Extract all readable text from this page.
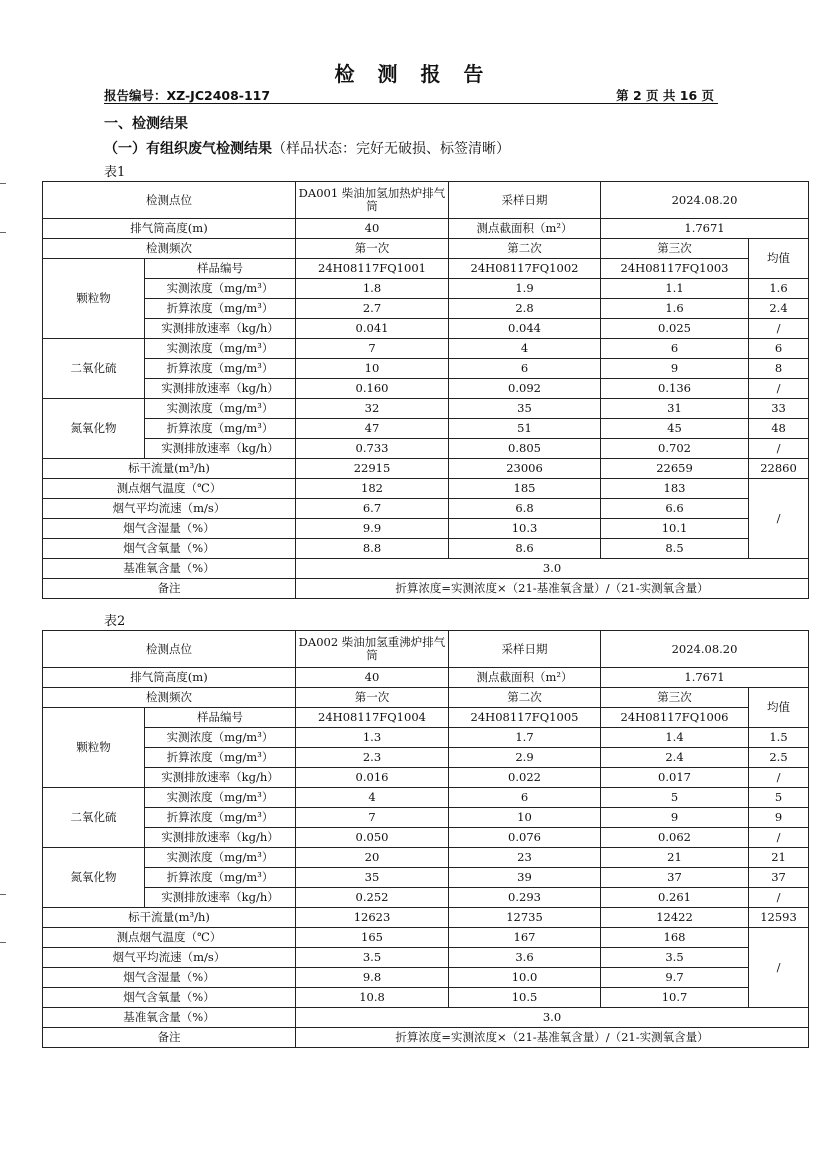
检 测 报 告
报告编号：XZ-JC2408-117	第 2 页 共 16 页
一、检测结果
（一）有组织废气检测结果（样品状态：完好无破损、标签清晰）
表1
检测点位		DA001 柴油加氢加热炉排气筒	采样日期	2024.08.20	
排气筒高度(m)		40	测点截面积（m²）	1.7671	
检测频次		第一次	第二次	第三次	均值
颗粒物	样品编号	24H08117FQ1001	24H08117FQ1002	24H08117FQ1003	
	实测浓度（mg/m³）	1.8	1.9	1.1	1.6
	折算浓度（mg/m³）	2.7	2.8	1.6	2.4
	实测排放速率（kg/h）	0.041	0.044	0.025	/
二氧化硫	实测浓度（mg/m³）	7	4	6	6
	折算浓度（mg/m³）	10	6	9	8
	实测排放速率（kg/h）	0.160	0.092	0.136	/
氮氧化物	实测浓度（mg/m³）	32	35	31	33
	折算浓度（mg/m³）	47	51	45	48
	实测排放速率（kg/h）	0.733	0.805	0.702	/
标干流量(m³/h)		22915	23006	22659	22860
测点烟气温度（℃）		182	185	183	/
烟气平均流速（m/s）		6.7	6.8	6.6	
烟气含湿量（%）		9.9	10.3	10.1	
烟气含氧量（%）		8.8	8.6	8.5	
基准氧含量（%）		3.0			
备注		折算浓度=实测浓度×（21-基准氧含量）/（21-实测氧含量）			
表2
检测点位		DA002 柴油加氢重沸炉排气筒	采样日期	2024.08.20	
排气筒高度(m)		40	测点截面积（m²）	1.7671	
检测频次		第一次	第二次	第三次	均值
颗粒物	样品编号	24H08117FQ1004	24H08117FQ1005	24H08117FQ1006	
	实测浓度（mg/m³）	1.3	1.7	1.4	1.5
	折算浓度（mg/m³）	2.3	2.9	2.4	2.5
	实测排放速率（kg/h）	0.016	0.022	0.017	/
二氧化硫	实测浓度（mg/m³）	4	6	5	5
	折算浓度（mg/m³）	7	10	9	9
	实测排放速率（kg/h）	0.050	0.076	0.062	/
氮氧化物	实测浓度（mg/m³）	20	23	21	21
	折算浓度（mg/m³）	35	39	37	37
	实测排放速率（kg/h）	0.252	0.293	0.261	/
标干流量(m³/h)		12623	12735	12422	12593
测点烟气温度（℃）		165	167	168	/
烟气平均流速（m/s）		3.5	3.6	3.5	
烟气含湿量（%）		9.8	10.0	9.7	
烟气含氧量（%）		10.8	10.5	10.7	
基准氧含量（%）		3.0			
备注		折算浓度=实测浓度×（21-基准氧含量）/（21-实测氧含量）			
